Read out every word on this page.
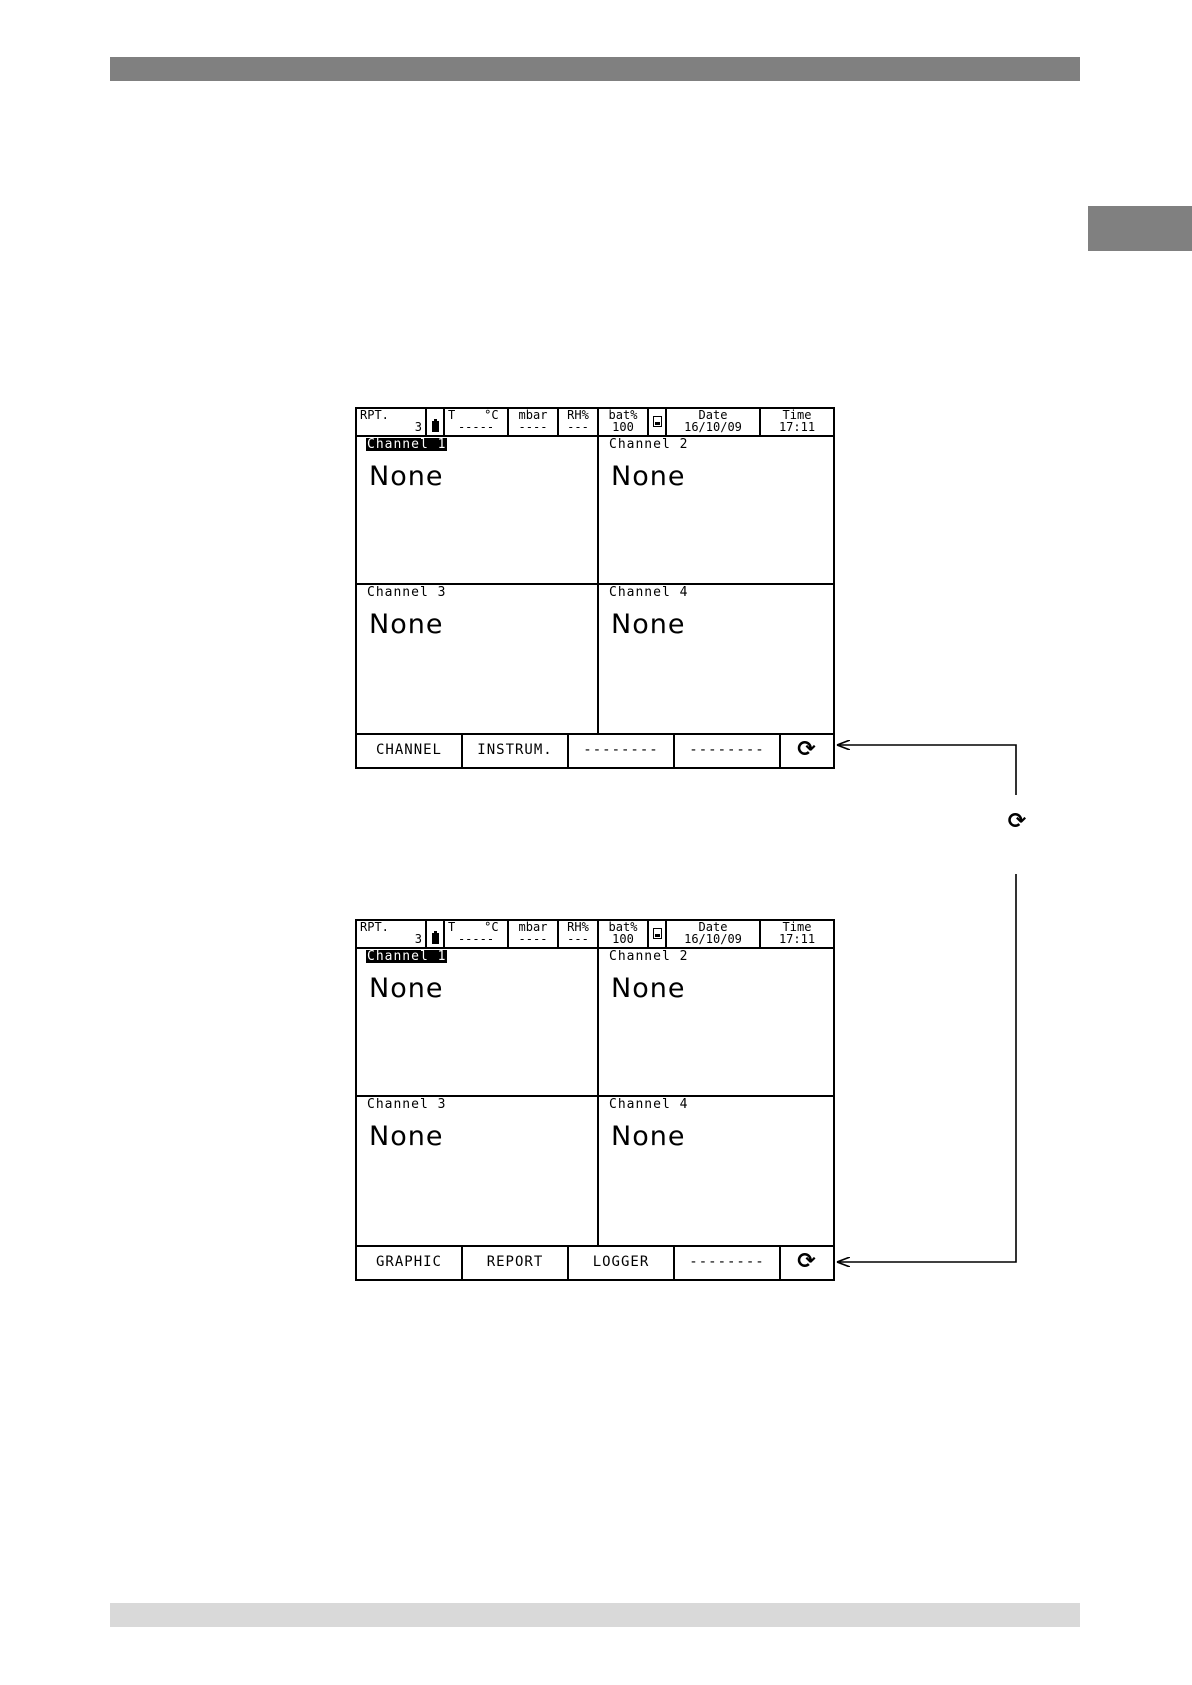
RPT.
3
T    °C
-----
mbar
----
RH%
---
bat%
100
Date
16/10/09
Time
17:11
Channel 1
None
Channel 2
None
Channel 3
None
Channel 4
None
CHANNEL	INSTRUM.	--------	--------	⟳
RPT.
3
T    °C
-----
mbar
----
RH%
---
bat%
100
Date
16/10/09
Time
17:11
Channel 1
None
Channel 2
None
Channel 3
None
Channel 4
None
GRAPHIC	REPORT	LOGGER	--------	⟳
⟳
